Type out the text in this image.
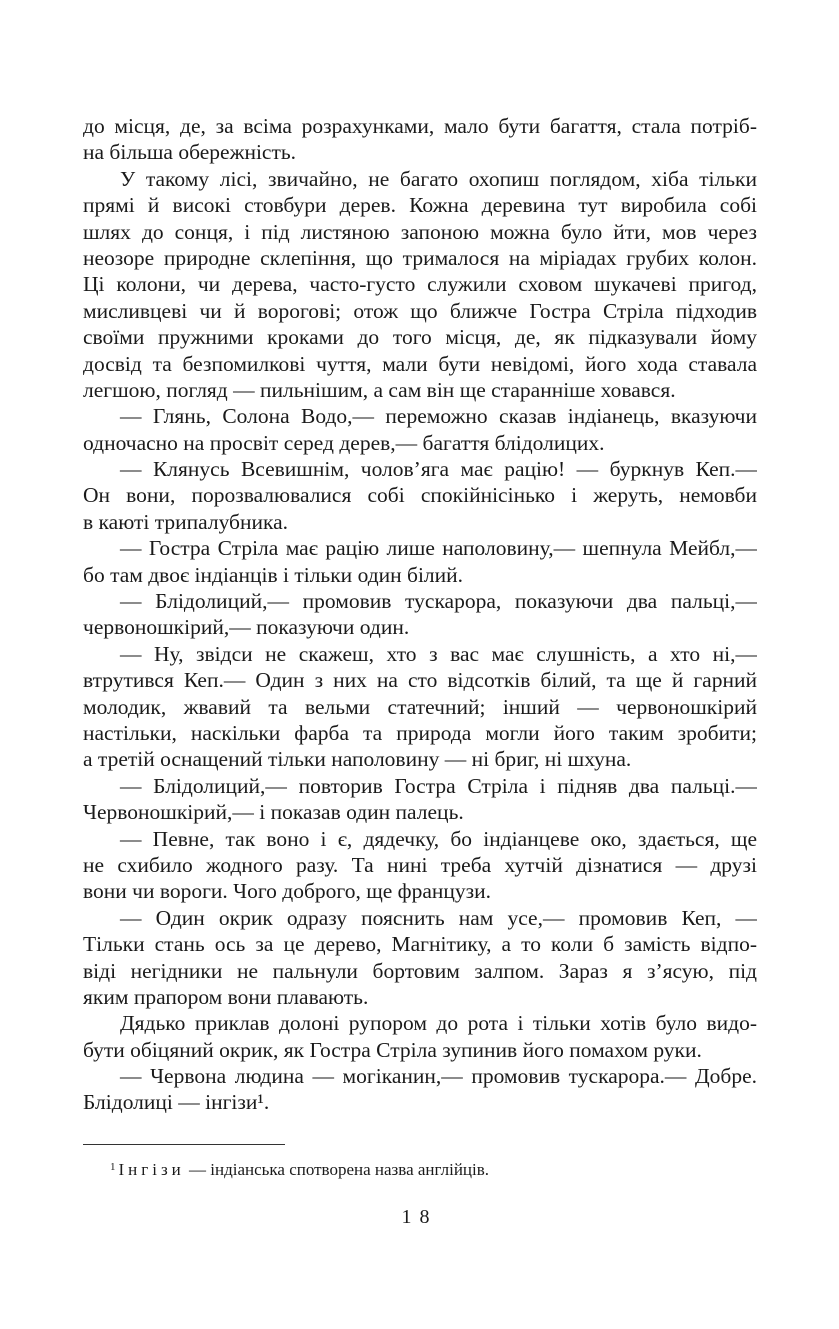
до місця, де, за всіма розрахунками, мало бути багаття, стала потріб-
на більша обережність.
У такому лісі, звичайно, не багато охопиш поглядом, хіба тільки
прямі й високі стовбури дерев. Кожна деревина тут виробила собі
шлях до сонця, і під листяною запоною можна було йти, мов через
неозоре природне склепіння, що трималося на міріадах грубих колон.
Ці колони, чи дерева, часто-густо служили сховом шукачеві пригод,
мисливцеві чи й ворогові; отож що ближче Гостра Стріла підходив
своїми пружними кроками до того місця, де, як підказували йому
досвід та безпомилкові чуття, мали бути невідомі, його хода ставала
легшою, погляд — пильнішим, а сам він ще старанніше ховався.
— Глянь, Солона Водо,— переможно сказав індіанець, вказуючи
одночасно на просвіт серед дерев,— багаття блідолицих.
— Клянусь Всевишнім, чолов’яга має рацію! — буркнув Кеп.—
Он вони, порозвалювалися собі спокійнісінько і жеруть, немовби
в каюті трипалубника.
— Гостра Стріла має рацію лише наполовину,— шепнула Мейбл,—
бо там двоє індіанців і тільки один білий.
— Блідолиций,— промовив тускарора, показуючи два пальці,—
червоношкірий,— показуючи один.
— Ну, звідси не скажеш, хто з вас має слушність, а хто ні,—
втрутився Кеп.— Один з них на сто відсотків білий, та ще й гарний
молодик, жвавий та вельми статечний; інший — червоношкірий
настільки, наскільки фарба та природа могли його таким зробити;
а третій оснащений тільки наполовину — ні бриг, ні шхуна.
— Блідолиций,— повторив Гостра Стріла і підняв два пальці.—
Червоношкірий,— і показав один палець.
— Певне, так воно і є, дядечку, бо індіанцеве око, здається, ще
не схибило жодного разу. Та нині треба хутчій дізнатися — друзі
вони чи вороги. Чого доброго, ще французи.
— Один окрик одразу пояснить нам усе,— промовив Кеп, —
Тільки стань ось за це дерево, Магнітику, а то коли б замість відпо-
віді негідники не пальнули бортовим залпом. Зараз я з’ясую, під
яким прапором вони плавають.
Дядько приклав долоні рупором до рота і тільки хотів було видо-
бути обіцяний окрик, як Гостра Стріла зупинив його помахом руки.
— Червона людина — могіканин,— промовив тускарора.— Добре.
Блідолиці — інгізи¹.
$^1$ Інгізи — індіанська спотворена назва англійців.
18
